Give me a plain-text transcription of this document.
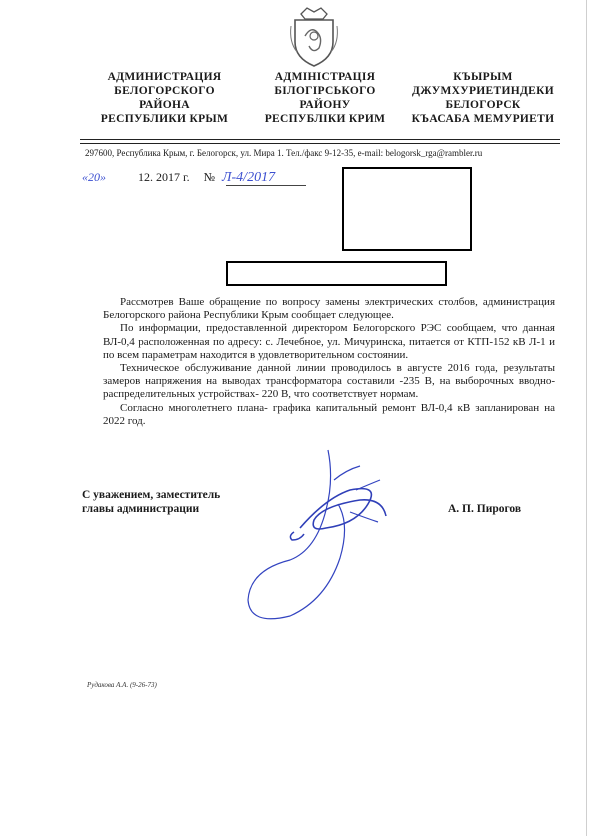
АДМИНИСТРАЦИЯ
БЕЛОГОРСКОГО
РАЙОНА
РЕСПУБЛИКИ КРЫМ
АДМІНІСТРАЦІЯ
БІЛОГІРСЬКОГО
РАЙОНУ
РЕСПУБЛІКИ КРИМ
КЪЫРЫМ
ДЖУМХУРИЕТИНДЕКИ
БЕЛОГОРСК
КЪАСАБА МЕМУРИЕТИ
297600, Республика Крым, г. Белогорск, ул. Мира 1. Тел./факс 9-12-35, e-mail: belogorsk_rga@rambler.ru
«20»	12. 2017 г. № Л-4/2017

Рассмотрев Ваше обращение по вопросу замены электрических столбов, администрация Белогорского района Республики Крым сообщает следующее.

По информации, предоставленной директором Белогорского РЭС сообщаем, что данная ВЛ-0,4 расположенная по адресу: с. Лечебное, ул. Мичуринска, питается от КТП-152 кВ Л-1 и по всем параметрам находится в удовлетворительном состоянии.

Техническое обслуживание данной линии проводилось в августе 2016 года, результаты замеров напряжения на выводах трансформатора составили -235 В, на выборочных вводно- распределительных устройствах- 220 В, что соответствует нормам.

Согласно многолетнего плана- графика капитальный ремонт ВЛ-0,4 кВ запланирован на 2022 год.

С уважением, заместитель
главы администрации	А. П. Пирогов
Рудакова А.А. (9-26-73)
